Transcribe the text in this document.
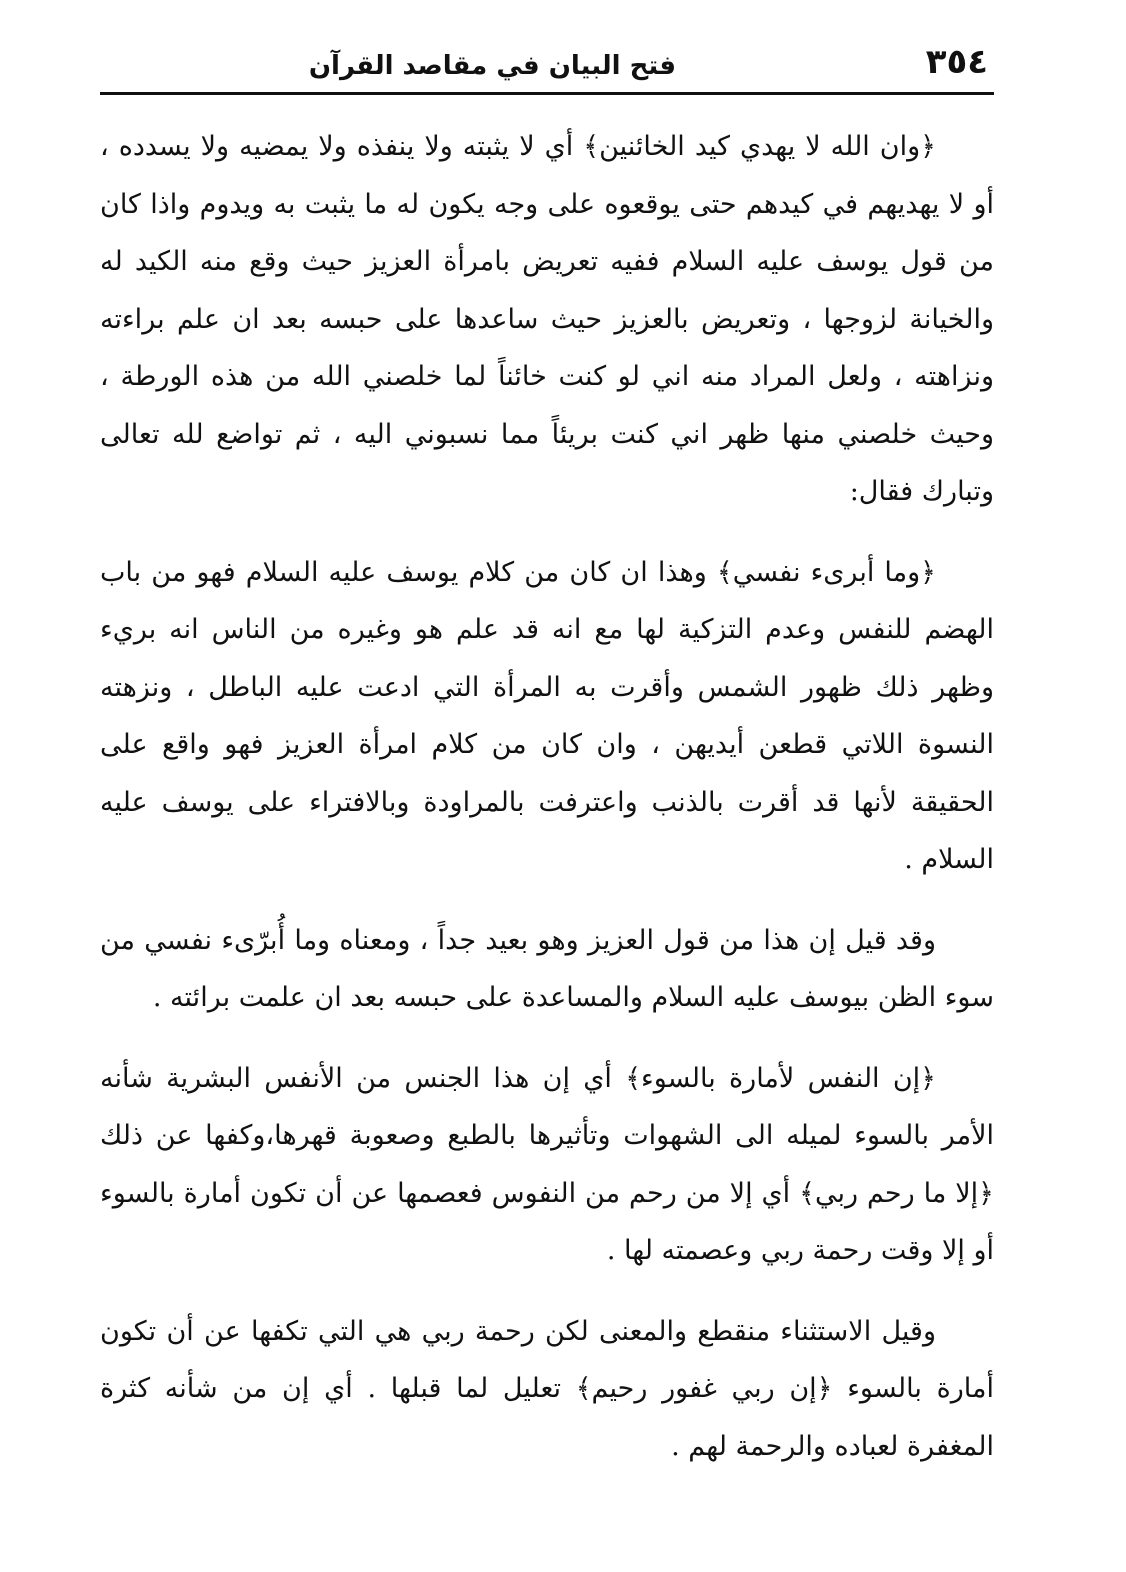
٣٥٤
فتح البيان في مقاصد القرآن

﴿وان الله لا يهدي كيد الخائنين﴾ أي لا يثبته ولا ينفذه ولا يمضيه ولا يسدده ، أو لا يهديهم في كيدهم حتى يوقعوه على وجه يكون له ما يثبت به ويدوم واذا كان من قول يوسف عليه السلام ففيه تعريض بامرأة العزيز حيث وقع منه الكيد له والخيانة لزوجها ، وتعريض بالعزيز حيث ساعدها على حبسه بعد ان علم براءته ونزاهته ، ولعل المراد منه اني لو كنت خائناً لما خلصني الله من هذه الورطة ، وحيث خلصني منها ظهر اني كنت بريئاً مما نسبوني اليه ، ثم تواضع لله تعالى وتبارك فقال:

﴿وما أبرىء نفسي﴾ وهذا ان كان من كلام يوسف عليه السلام فهو من باب الهضم للنفس وعدم التزكية لها مع انه قد علم هو وغيره من الناس انه بريء وظهر ذلك ظهور الشمس وأقرت به المرأة التي ادعت عليه الباطل ، ونزهته النسوة اللاتي قطعن أيديهن ، وان كان من كلام امرأة العزيز فهو واقع على الحقيقة لأنها قد أقرت بالذنب واعترفت بالمراودة وبالافتراء على يوسف عليه السلام .

وقد قيل إن هذا من قول العزيز وهو بعيد جداً ، ومعناه وما أُبرّىء نفسي من سوء الظن بيوسف عليه السلام والمساعدة على حبسه بعد ان علمت برائته .

﴿إن النفس لأمارة بالسوء﴾ أي إن هذا الجنس من الأنفس البشرية شأنه الأمر بالسوء لميله الى الشهوات وتأثيرها بالطبع وصعوبة قهرها،وكفها عن ذلك ﴿إلا ما رحم ربي﴾ أي إلا من رحم من النفوس فعصمها عن أن تكون أمارة بالسوء أو إلا وقت رحمة ربي وعصمته لها .

وقيل الاستثناء منقطع والمعنى لكن رحمة ربي هي التي تكفها عن أن تكون أمارة بالسوء ﴿إن ربي غفور رحيم﴾ تعليل لما قبلها . أي إن من شأنه كثرة المغفرة لعباده والرحمة لهم .
